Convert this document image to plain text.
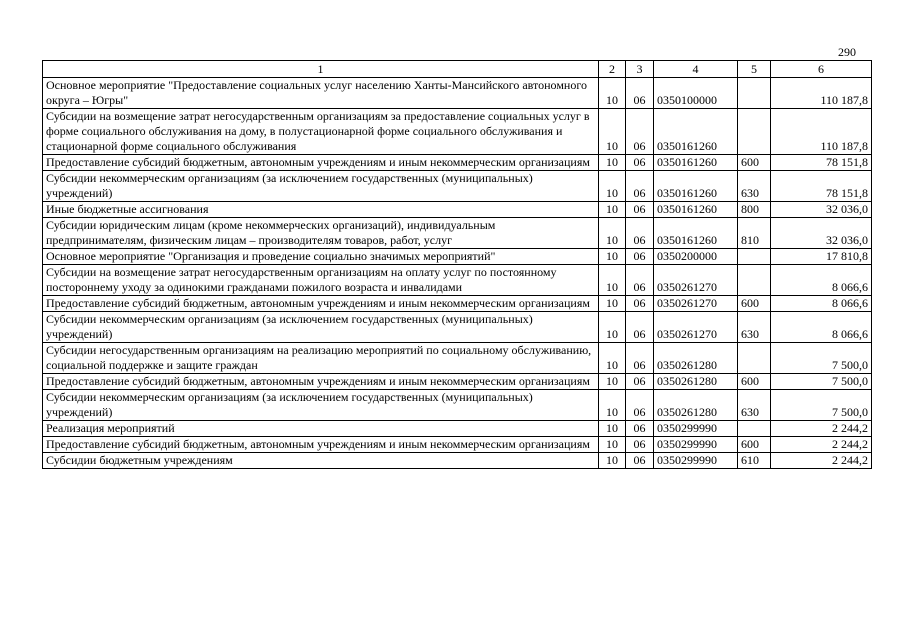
290
1	2	3	4	5	6
Основное мероприятие "Предоставление социальных услуг населению Ханты-Мансийского автономного округа – Югры"	10	06	0350100000		110 187,8
Субсидии на возмещение затрат негосударственным организациям за предоставление социальных услуг в форме социального обслуживания на дому, в полустационарной форме социального обслуживания и стационарной форме социального обслуживания	10	06	0350161260		110 187,8
Предоставление субсидий бюджетным, автономным учреждениям и иным некоммерческим организациям	10	06	0350161260	600	78 151,8
Субсидии некоммерческим организациям (за исключением государственных (муниципальных) учреждений)	10	06	0350161260	630	78 151,8
Иные бюджетные ассигнования	10	06	0350161260	800	32 036,0
Субсидии юридическим лицам (кроме некоммерческих организаций), индивидуальным предпринимателям, физическим лицам – производителям товаров, работ, услуг	10	06	0350161260	810	32 036,0
Основное мероприятие "Организация и проведение социально значимых мероприятий"	10	06	0350200000		17 810,8
Субсидии на возмещение затрат негосударственным организациям на оплату услуг по постоянному постороннему уходу за одинокими гражданами пожилого возраста и инвалидами	10	06	0350261270		8 066,6
Предоставление субсидий бюджетным, автономным учреждениям и иным некоммерческим организациям	10	06	0350261270	600	8 066,6
Субсидии некоммерческим организациям (за исключением государственных (муниципальных) учреждений)	10	06	0350261270	630	8 066,6
Субсидии негосударственным организациям на реализацию мероприятий по социальному обслуживанию, социальной поддержке и защите граждан	10	06	0350261280		7 500,0
Предоставление субсидий бюджетным, автономным учреждениям и иным некоммерческим организациям	10	06	0350261280	600	7 500,0
Субсидии некоммерческим организациям (за исключением государственных (муниципальных) учреждений)	10	06	0350261280	630	7 500,0
Реализация мероприятий	10	06	0350299990		2 244,2
Предоставление субсидий бюджетным, автономным учреждениям и иным некоммерческим организациям	10	06	0350299990	600	2 244,2
Субсидии бюджетным учреждениям	10	06	0350299990	610	2 244,2
